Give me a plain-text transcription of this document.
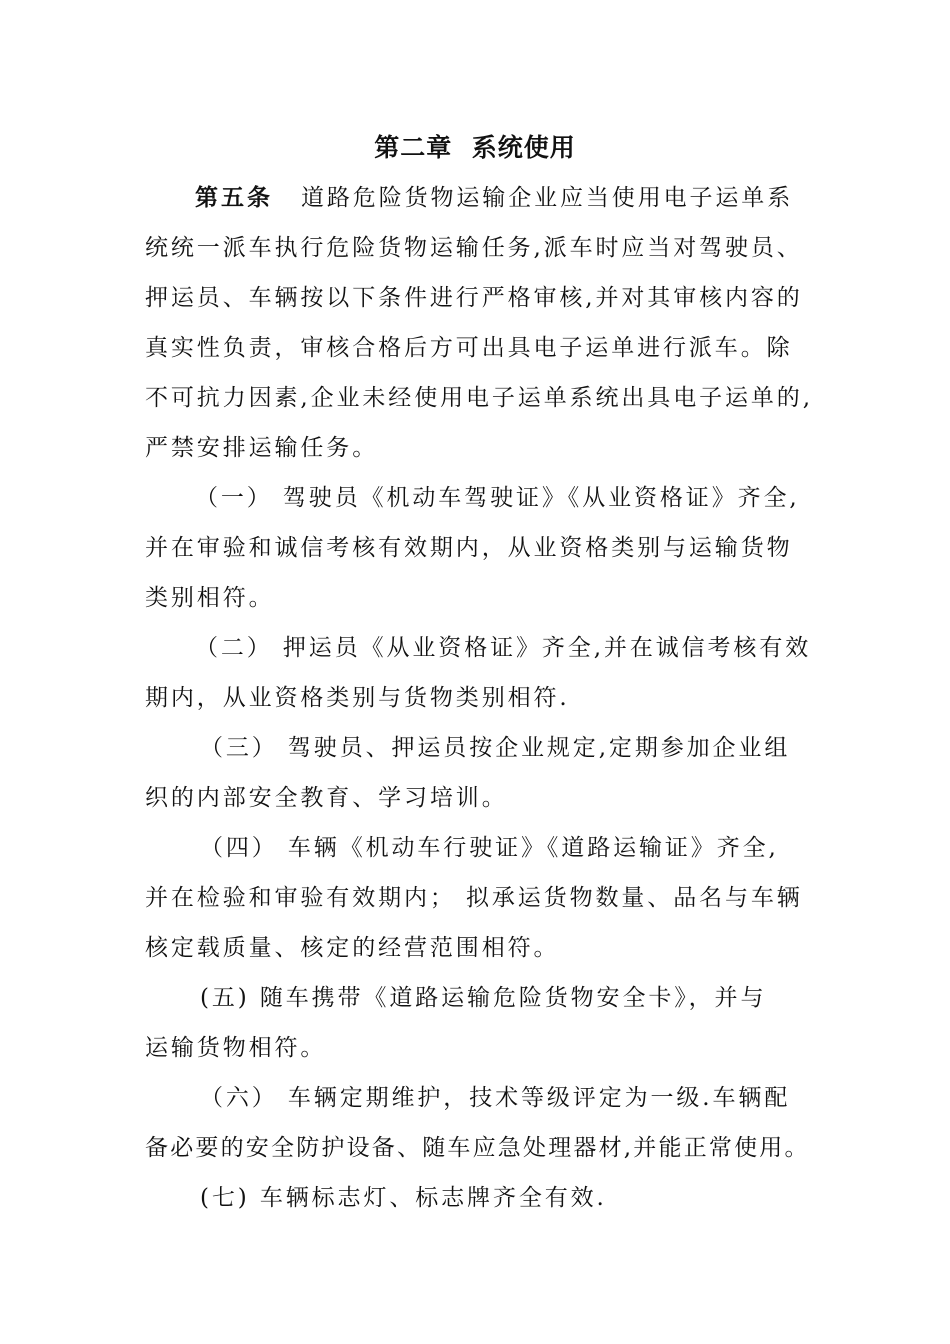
第二章  系统使用
第五条 道路危险货物运输企业应当使用电子运单系
统统一派车执行危险货物运输任务,派车时应当对驾驶员、
押运员、车辆按以下条件进行严格审核,并对其审核内容的
真实性负责，审核合格后方可出具电子运单进行派车。除
不可抗力因素,企业未经使用电子运单系统出具电子运单的,
严禁安排运输任务。
（一） 驾驶员《机动车驾驶证》《从业资格证》齐全,
并在审验和诚信考核有效期内，从业资格类别与运输货物
类别相符。
（二） 押运员《从业资格证》齐全,并在诚信考核有效
期内，从业资格类别与货物类别相符.
（三） 驾驶员、押运员按企业规定,定期参加企业组
织的内部安全教育、学习培训。
（四） 车辆《机动车行驶证》《道路运输证》齐全,
并在检验和审验有效期内； 拟承运货物数量、品名与车辆
核定载质量、核定的经营范围相符。
(五) 随车携带《道路运输危险货物安全卡》，并与
运输货物相符。
（六） 车辆定期维护，技术等级评定为一级.车辆配
备必要的安全防护设备、随车应急处理器材,并能正常使用。
(七) 车辆标志灯、标志牌齐全有效.
